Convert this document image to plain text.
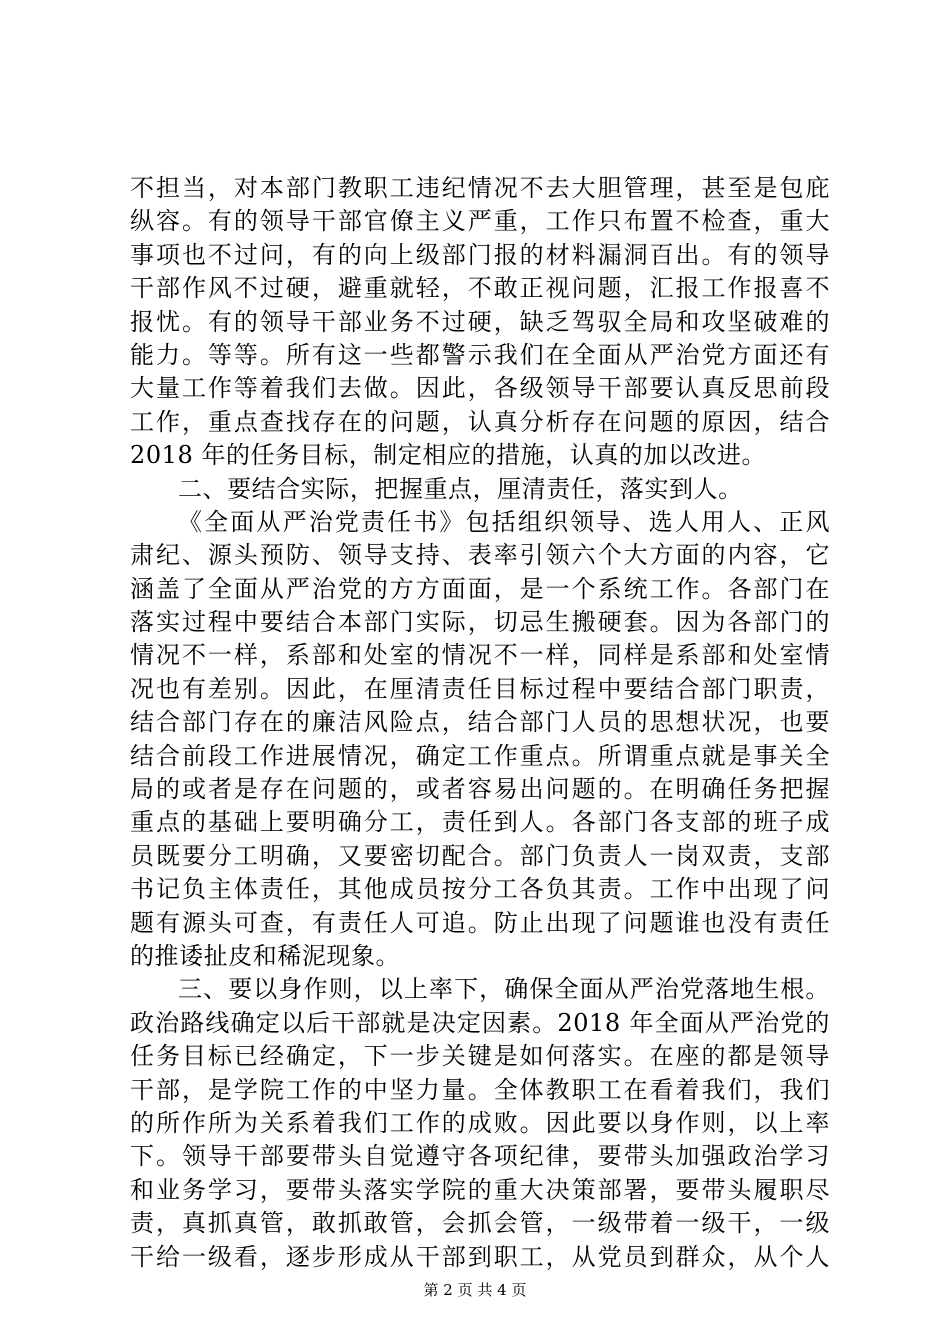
不担当，对本部门教职工违纪情况不去大胆管理，甚至是包庇
纵容。有的领导干部官僚主义严重，工作只布置不检查，重大
事项也不过问，有的向上级部门报的材料漏洞百出。有的领导
干部作风不过硬，避重就轻，不敢正视问题，汇报工作报喜不
报忧。有的领导干部业务不过硬，缺乏驾驭全局和攻坚破难的
能力。等等。所有这一些都警示我们在全面从严治党方面还有
大量工作等着我们去做。因此，各级领导干部要认真反思前段
工作，重点查找存在的问题，认真分析存在问题的原因，结合
2018 年的任务目标，制定相应的措施，认真的加以改进。
二、要结合实际，把握重点，厘清责任，落实到人。
《全面从严治党责任书》包括组织领导、选人用人、正风
肃纪、源头预防、领导支持、表率引领六个大方面的内容，它
涵盖了全面从严治党的方方面面，是一个系统工作。各部门在
落实过程中要结合本部门实际，切忌生搬硬套。因为各部门的
情况不一样，系部和处室的情况不一样，同样是系部和处室情
况也有差别。因此，在厘清责任目标过程中要结合部门职责，
结合部门存在的廉洁风险点，结合部门人员的思想状况，也要
结合前段工作进展情况，确定工作重点。所谓重点就是事关全
局的或者是存在问题的，或者容易出问题的。在明确任务把握
重点的基础上要明确分工，责任到人。各部门各支部的班子成
员既要分工明确，又要密切配合。部门负责人一岗双责，支部
书记负主体责任，其他成员按分工各负其责。工作中出现了问
题有源头可查，有责任人可追。防止出现了问题谁也没有责任
的推诿扯皮和稀泥现象。
三、要以身作则，以上率下，确保全面从严治党落地生根。
政治路线确定以后干部就是决定因素。2018 年全面从严治党的
任务目标已经确定，下一步关键是如何落实。在座的都是领导
干部，是学院工作的中坚力量。全体教职工在看着我们，我们
的所作所为关系着我们工作的成败。因此要以身作则，以上率
下。领导干部要带头自觉遵守各项纪律，要带头加强政治学习
和业务学习，要带头落实学院的重大决策部署，要带头履职尽
责，真抓真管，敢抓敢管，会抓会管，一级带着一级干，一级
干给一级看，逐步形成从干部到职工，从党员到群众，从个人
第 2 页 共 4 页
